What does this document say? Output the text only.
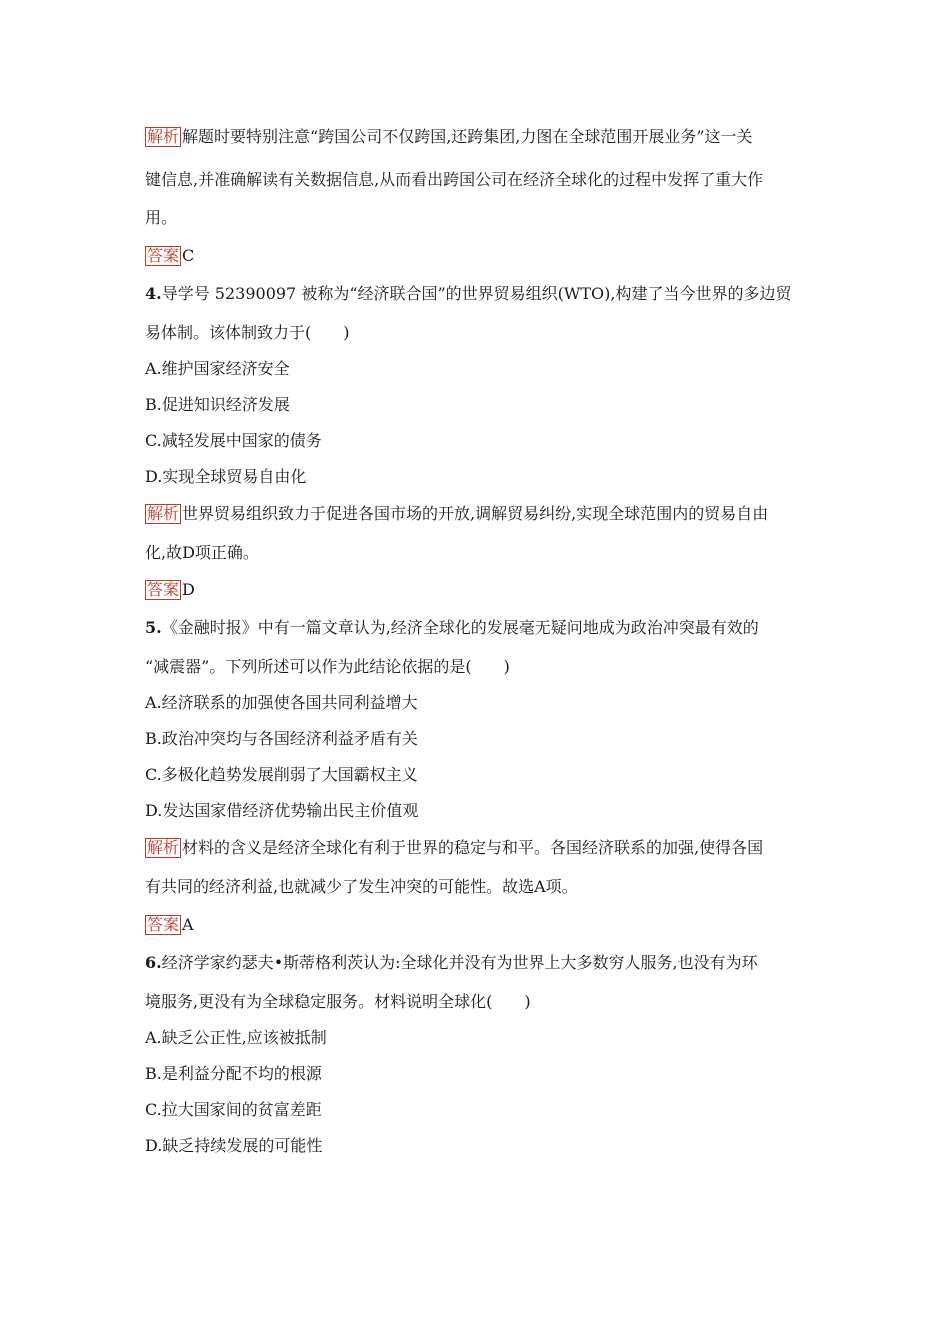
解析 解题时要特别注意“跨国公司不仅跨国,还跨集团,力图在全球范围开展业务”这一关
键信息,并准确解读有关数据信息,从而看出跨国公司在经济全球化的过程中发挥了重大作
用。
答案 C
4.导学号 52390097 被称为“经济联合国”的世界贸易组织(WTO),构建了当今世界的多边贸
易体制。该体制致力于(　　)
A.维护国家经济安全
B.促进知识经济发展
C.减轻发展中国家的债务
D.实现全球贸易自由化
解析 世界贸易组织致力于促进各国市场的开放,调解贸易纠纷,实现全球范围内的贸易自由
化,故D项正确。
答案 D
5.《金融时报》中有一篇文章认为,经济全球化的发展毫无疑问地成为政治冲突最有效的
“减震器”。下列所述可以作为此结论依据的是(　　)
A.经济联系的加强使各国共同利益增大
B.政治冲突均与各国经济利益矛盾有关
C.多极化趋势发展削弱了大国霸权主义
D.发达国家借经济优势输出民主价值观
解析 材料的含义是经济全球化有利于世界的稳定与和平。各国经济联系的加强,使得各国
有共同的经济利益,也就减少了发生冲突的可能性。故选A项。
答案 A
6.经济学家约瑟夫•斯蒂格利茨认为:全球化并没有为世界上大多数穷人服务,也没有为环
境服务,更没有为全球稳定服务。材料说明全球化(　　)
A.缺乏公正性,应该被抵制
B.是利益分配不均的根源
C.拉大国家间的贫富差距
D.缺乏持续发展的可能性
